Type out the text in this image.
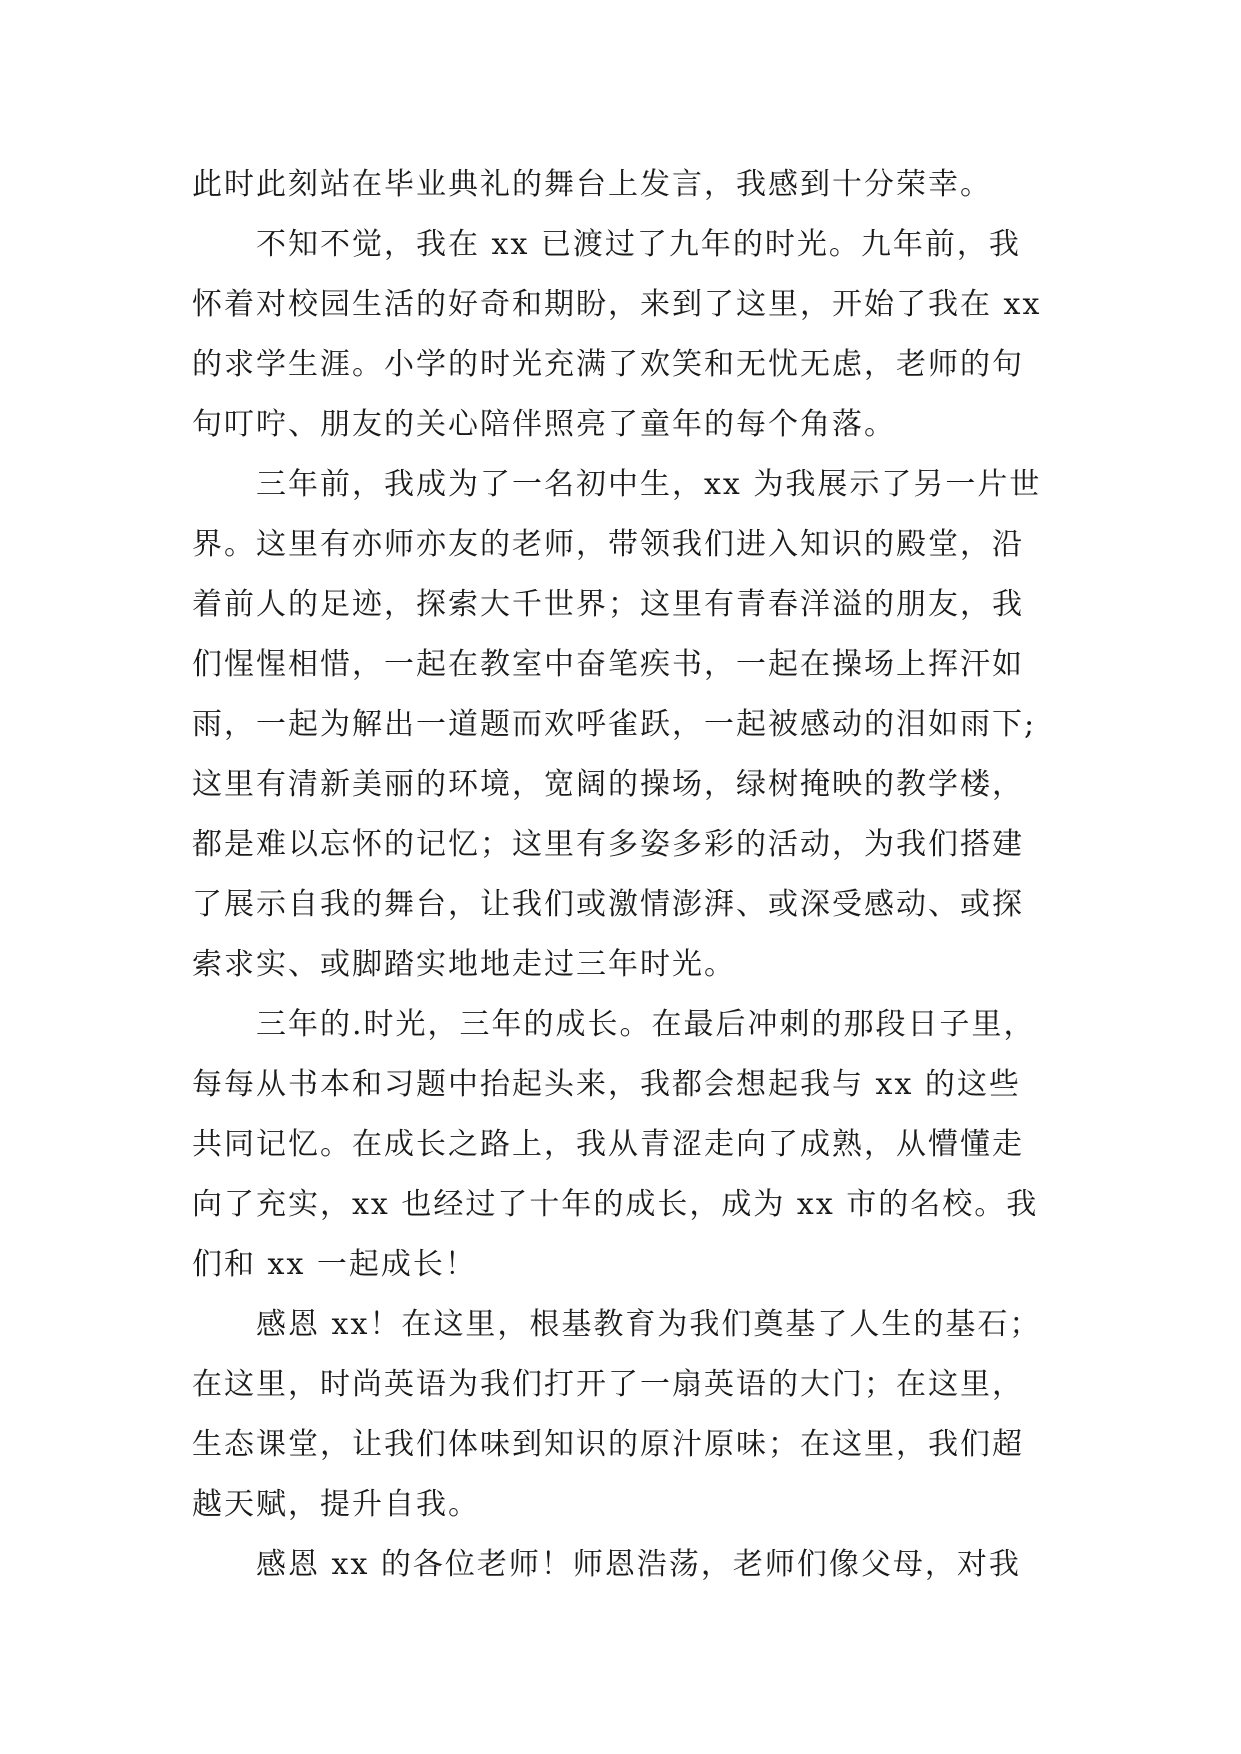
此时此刻站在毕业典礼的舞台上发言，我感到十分荣幸。
不知不觉，我在 xx 已渡过了九年的时光。九年前，我
怀着对校园生活的好奇和期盼，来到了这里，开始了我在 xx
的求学生涯。小学的时光充满了欢笑和无忧无虑，老师的句
句叮咛、朋友的关心陪伴照亮了童年的每个角落。
三年前，我成为了一名初中生，xx 为我展示了另一片世
界。这里有亦师亦友的老师，带领我们进入知识的殿堂，沿
着前人的足迹，探索大千世界；这里有青春洋溢的朋友，我
们惺惺相惜，一起在教室中奋笔疾书，一起在操场上挥汗如
雨，一起为解出一道题而欢呼雀跃，一起被感动的泪如雨下;
这里有清新美丽的环境，宽阔的操场，绿树掩映的教学楼，
都是难以忘怀的记忆；这里有多姿多彩的活动，为我们搭建
了展示自我的舞台，让我们或激情澎湃、或深受感动、或探
索求实、或脚踏实地地走过三年时光。
三年的.时光，三年的成长。在最后冲刺的那段日子里，
每每从书本和习题中抬起头来，我都会想起我与 xx 的这些
共同记忆。在成长之路上，我从青涩走向了成熟，从懵懂走
向了充实，xx 也经过了十年的成长，成为 xx 市的名校。我
们和 xx 一起成长！
感恩 xx！在这里，根基教育为我们奠基了人生的基石；
在这里，时尚英语为我们打开了一扇英语的大门；在这里，
生态课堂，让我们体味到知识的原汁原味；在这里，我们超
越天赋，提升自我。
感恩 xx 的各位老师！师恩浩荡，老师们像父母，对我
